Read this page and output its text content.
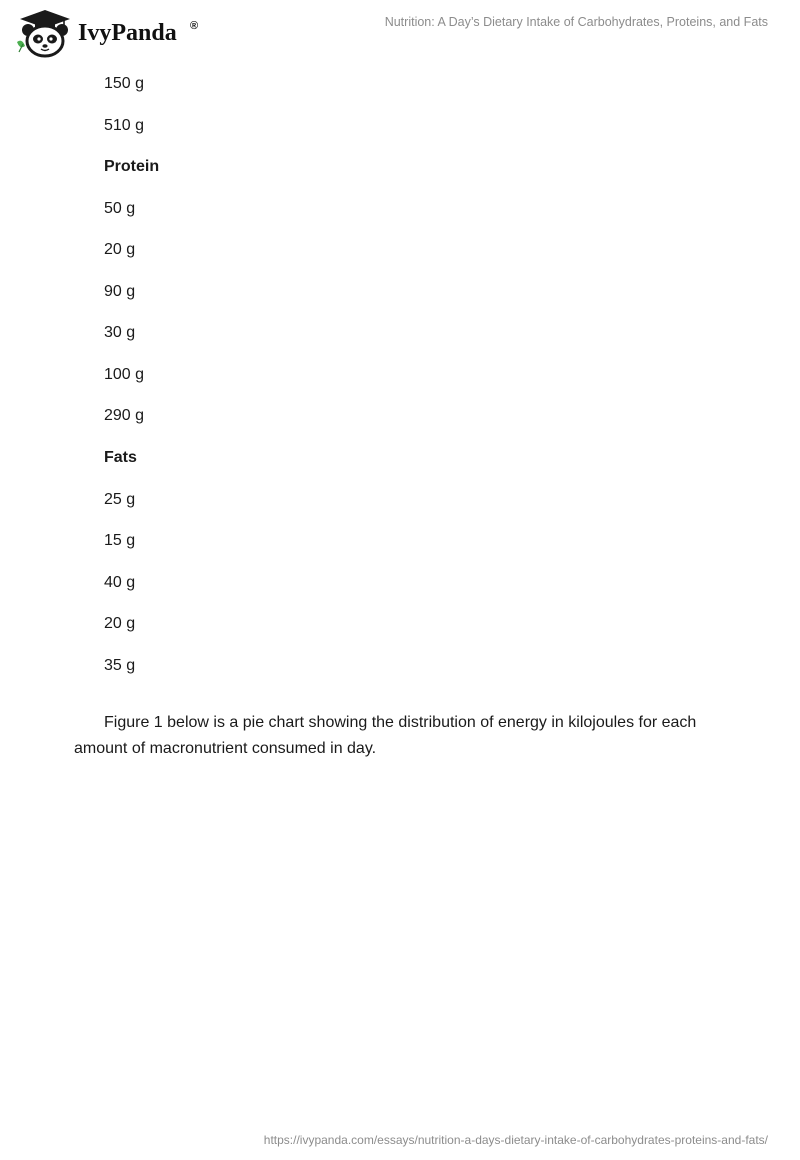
IvyPanda ®	Nutrition: A Day’s Dietary Intake of Carbohydrates, Proteins, and Fats
150 g
510 g
Protein
50 g
20 g
90 g
30 g
100 g
290 g
Fats
25 g
15 g
40 g
20 g
35 g

Figure 1 below is a pie chart showing the distribution of energy in kilojoules for each amount of macronutrient consumed in day.

https://ivypanda.com/essays/nutrition-a-days-dietary-intake-of-carbohydrates-proteins-and-fats/
